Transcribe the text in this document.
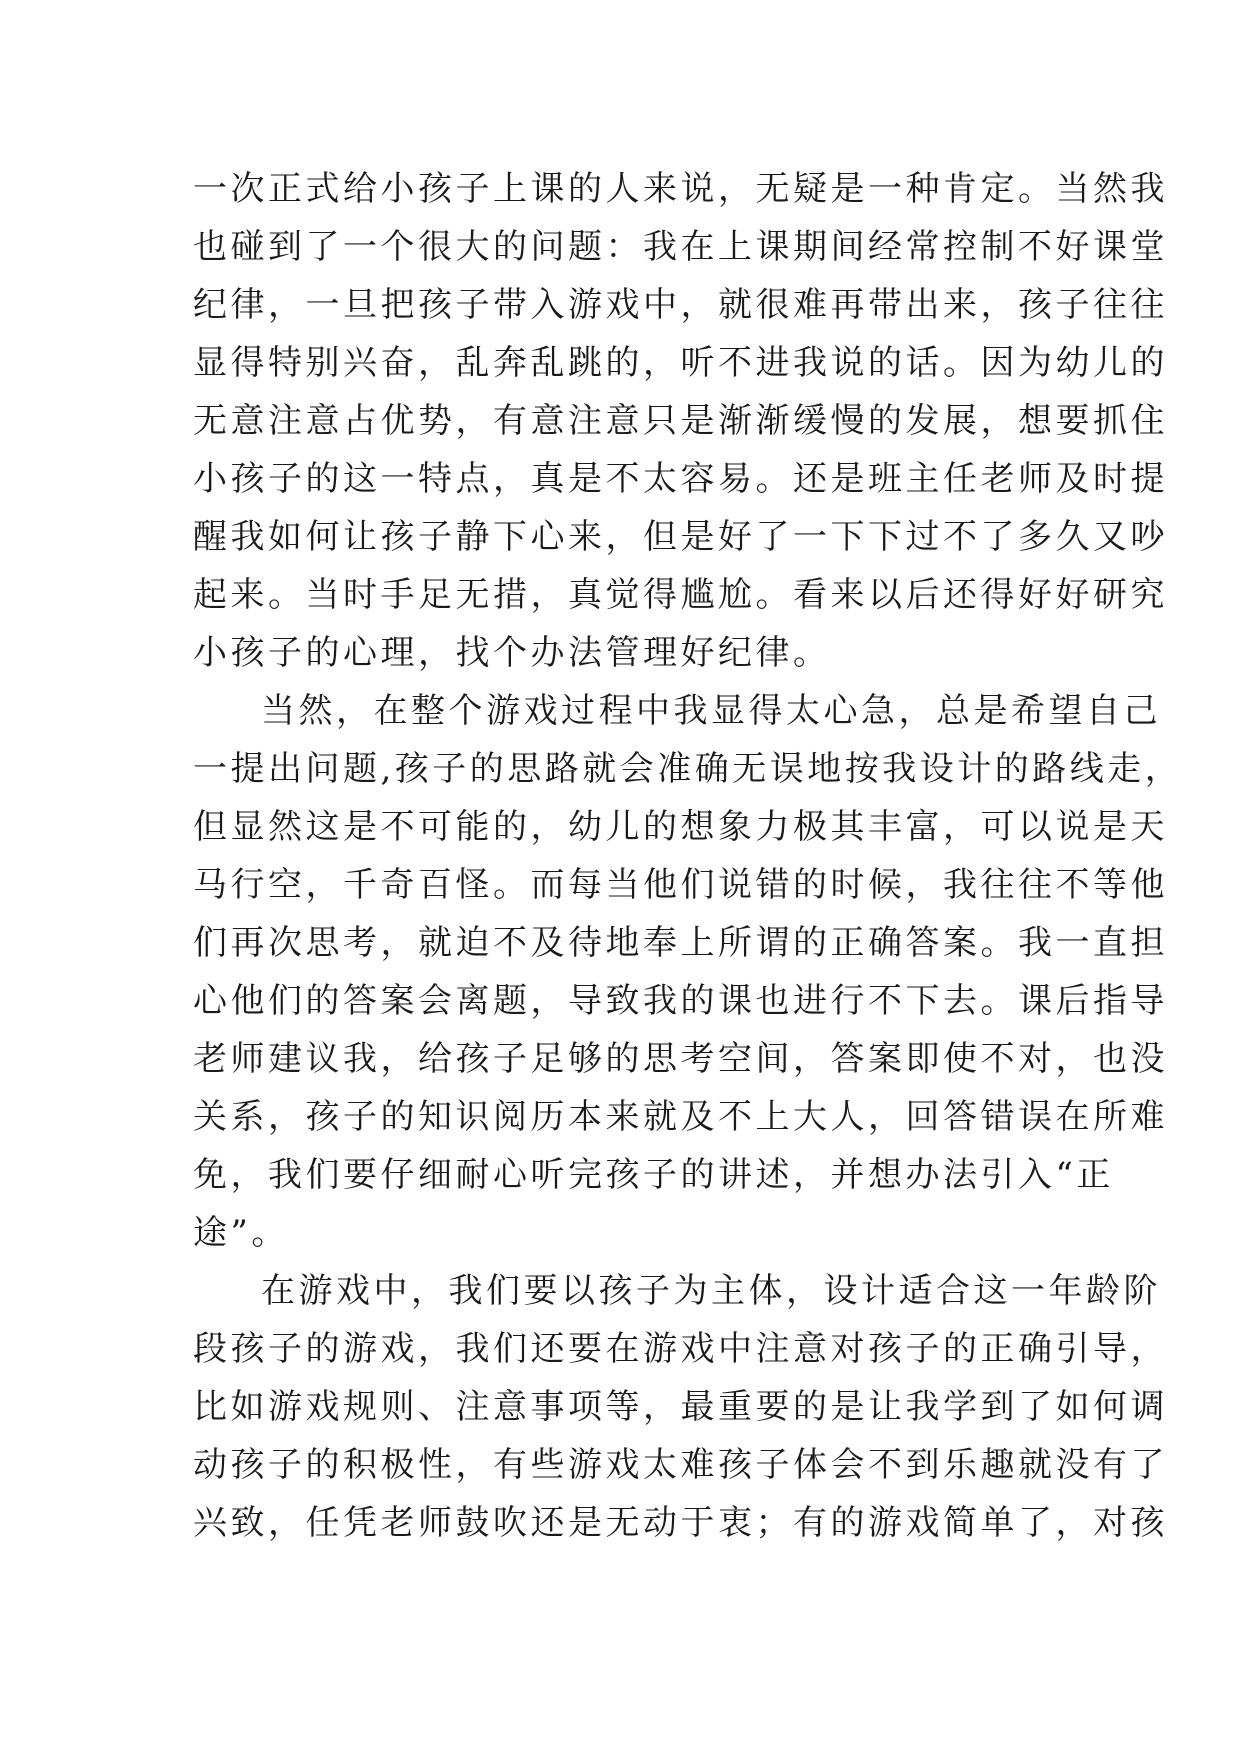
一次正式给小孩子上课的人来说，无疑是一种肯定。当然我
也碰到了一个很大的问题：我在上课期间经常控制不好课堂
纪律，一旦把孩子带入游戏中，就很难再带出来，孩子往往
显得特别兴奋，乱奔乱跳的，听不进我说的话。因为幼儿的
无意注意占优势，有意注意只是渐渐缓慢的发展，想要抓住
小孩子的这一特点，真是不太容易。还是班主任老师及时提
醒我如何让孩子静下心来，但是好了一下下过不了多久又吵
起来。当时手足无措，真觉得尴尬。看来以后还得好好研究
小孩子的心理，找个办法管理好纪律。
当然，在整个游戏过程中我显得太心急，总是希望自己
一提出问题,孩子的思路就会准确无误地按我设计的路线走，
但显然这是不可能的，幼儿的想象力极其丰富，可以说是天
马行空，千奇百怪。而每当他们说错的时候，我往往不等他
们再次思考，就迫不及待地奉上所谓的正确答案。我一直担
心他们的答案会离题，导致我的课也进行不下去。课后指导
老师建议我，给孩子足够的思考空间，答案即使不对，也没
关系，孩子的知识阅历本来就及不上大人，回答错误在所难
免，我们要仔细耐心听完孩子的讲述，并想办法引入“正
途”。
在游戏中，我们要以孩子为主体，设计适合这一年龄阶
段孩子的游戏，我们还要在游戏中注意对孩子的正确引导，
比如游戏规则、注意事项等，最重要的是让我学到了如何调
动孩子的积极性，有些游戏太难孩子体会不到乐趣就没有了
兴致，任凭老师鼓吹还是无动于衷；有的游戏简单了，对孩
